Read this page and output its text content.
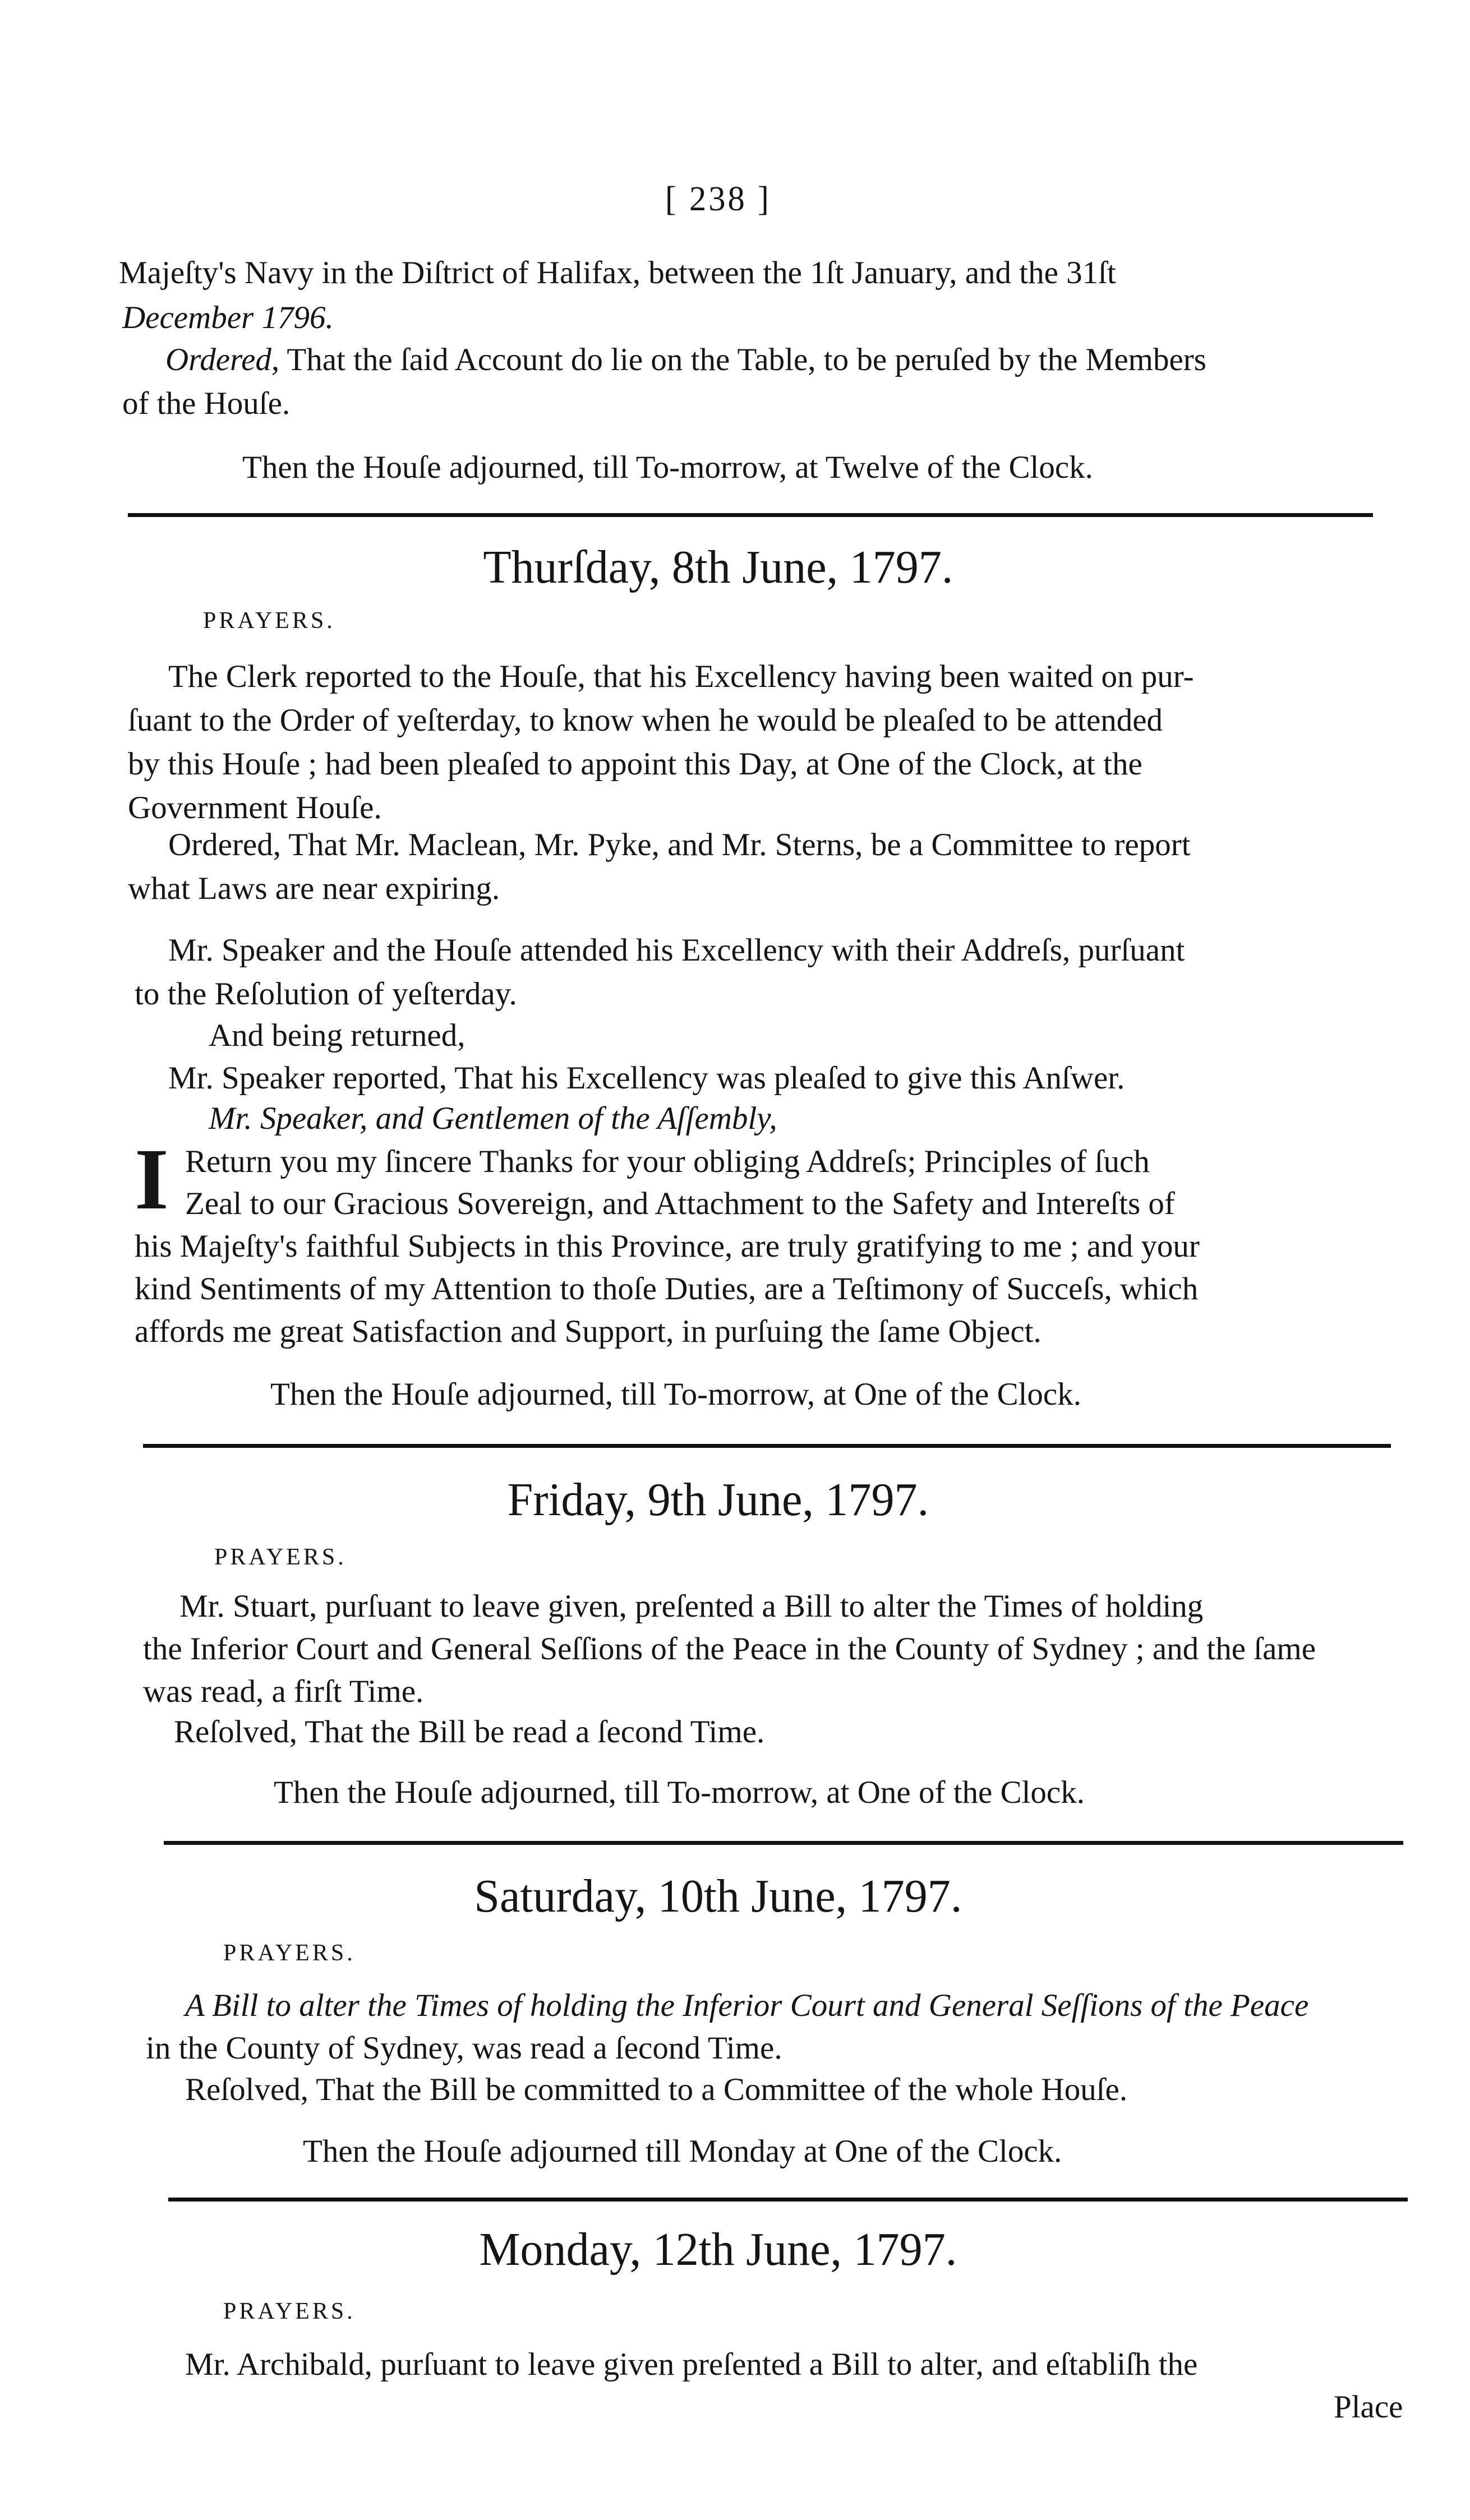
[ 238 ]
Majeſty's Navy in the Diſtrict of Halifax, between the 1ſt January, and the 31ſt
December 1796.
Ordered, That the ſaid Account do lie on the Table, to be peruſed by the Members
of the Houſe.
Then the Houſe adjourned, till To-morrow, at Twelve of the Clock.
Thurſday, 8th June, 1797.
PRAYERS.
The Clerk reported to the Houſe, that his Excellency having been waited on pur-
ſuant to the Order of yeſterday, to know when he would be pleaſed to be attended
by this Houſe ; had been pleaſed to appoint this Day, at One of the Clock, at the
Government Houſe.
Ordered, That Mr. Maclean, Mr. Pyke, and Mr. Sterns, be a Committee to report
what Laws are near expiring.
Mr. Speaker and the Houſe attended his Excellency with their Addreſs, purſuant
to the Reſolution of yeſterday.
And being returned,
Mr. Speaker reported, That his Excellency was pleaſed to give this Anſwer.
Mr. Speaker, and Gentlemen of the Aſſembly,
I Return you my ſincere Thanks for your obliging Addreſs; Principles of ſuch
Zeal to our Gracious Sovereign, and Attachment to the Safety and Intereſts of
his Majeſty's faithful Subjects in this Province, are truly gratifying to me ; and your
kind Sentiments of my Attention to thoſe Duties, are a Teſtimony of Succeſs, which
affords me great Satisfaction and Support, in purſuing the ſame Object.
Then the Houſe adjourned, till To-morrow, at One of the Clock.
Friday, 9th June, 1797.
PRAYERS.
Mr. Stuart, purſuant to leave given, preſented a Bill to alter the Times of holding
the Inferior Court and General Seſſions of the Peace in the County of Sydney ; and the ſame
was read, a firſt Time.
Reſolved, That the Bill be read a ſecond Time.
Then the Houſe adjourned, till To-morrow, at One of the Clock.
Saturday, 10th June, 1797.
PRAYERS.
A Bill to alter the Times of holding the Inferior Court and General Seſſions of the Peace
in the County of Sydney, was read a ſecond Time.
Reſolved, That the Bill be committed to a Committee of the whole Houſe.
Then the Houſe adjourned till Monday at One of the Clock.
Monday, 12th June, 1797.
PRAYERS.
Mr. Archibald, purſuant to leave given preſented a Bill to alter, and eſtabliſh the
Place
